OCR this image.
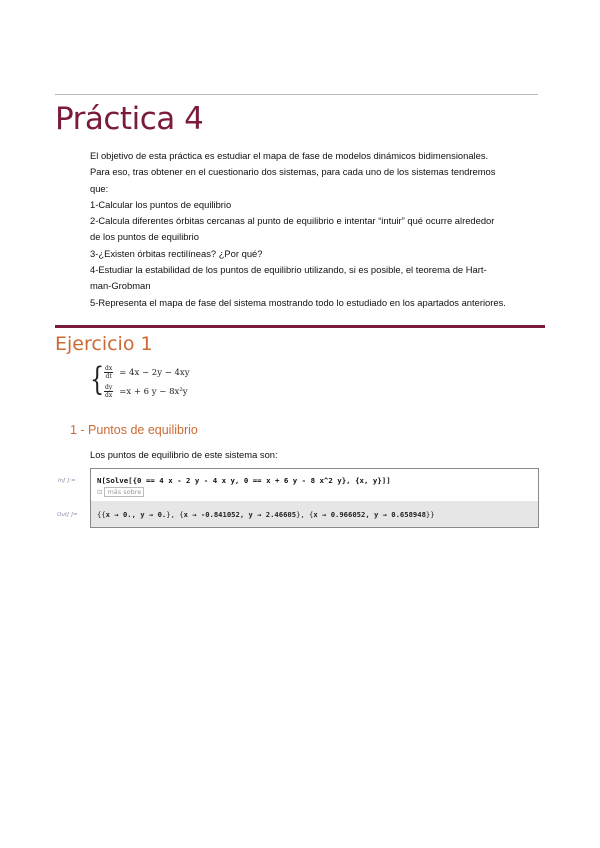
Práctica 4

El objetivo de esta práctica es estudiar el mapa de fase de modelos dinámicos bidimensionales.

Para eso, tras obtener en el cuestionario dos sistemas, para cada uno de los sistemas tendremos

que:

1-Calcular los puntos de equilibrio

2-Calcula diferentes órbitas cercanas al punto de equilibrio e intentar “intuir” qué ocurre alrededor

de los puntos de equilibrio

3-¿Existen órbitas rectilíneas? ¿Por qué?

4-Estudiar la estabilidad de los puntos de equilibrio utilizando, si es posible, el teorema de Hart-

man-Grobman

5-Representa el mapa de fase del sistema mostrando todo lo estudiado en los apartados anteriores.

Ejercicio 1
{ $\frac{dx}{dt} = 4x - 2y - 4xy$
$\frac{dy}{dx} =x + 6$ y − 8x²y
1 - Puntos de equilibrio
Los puntos de equilibrio de este sistema son:
In[ ]:=
Out[ ]=
N[Solve[{0 == 4 x - 2 y - 4 x y, 0 == x + 6 y - 8 x^2 y}, {x, y}]]
⊡ más sobre
{{x → 0., y → 0.}, {x → -0.841052, y → 2.46605}, {x → 0.966052, y → 0.658948}}
